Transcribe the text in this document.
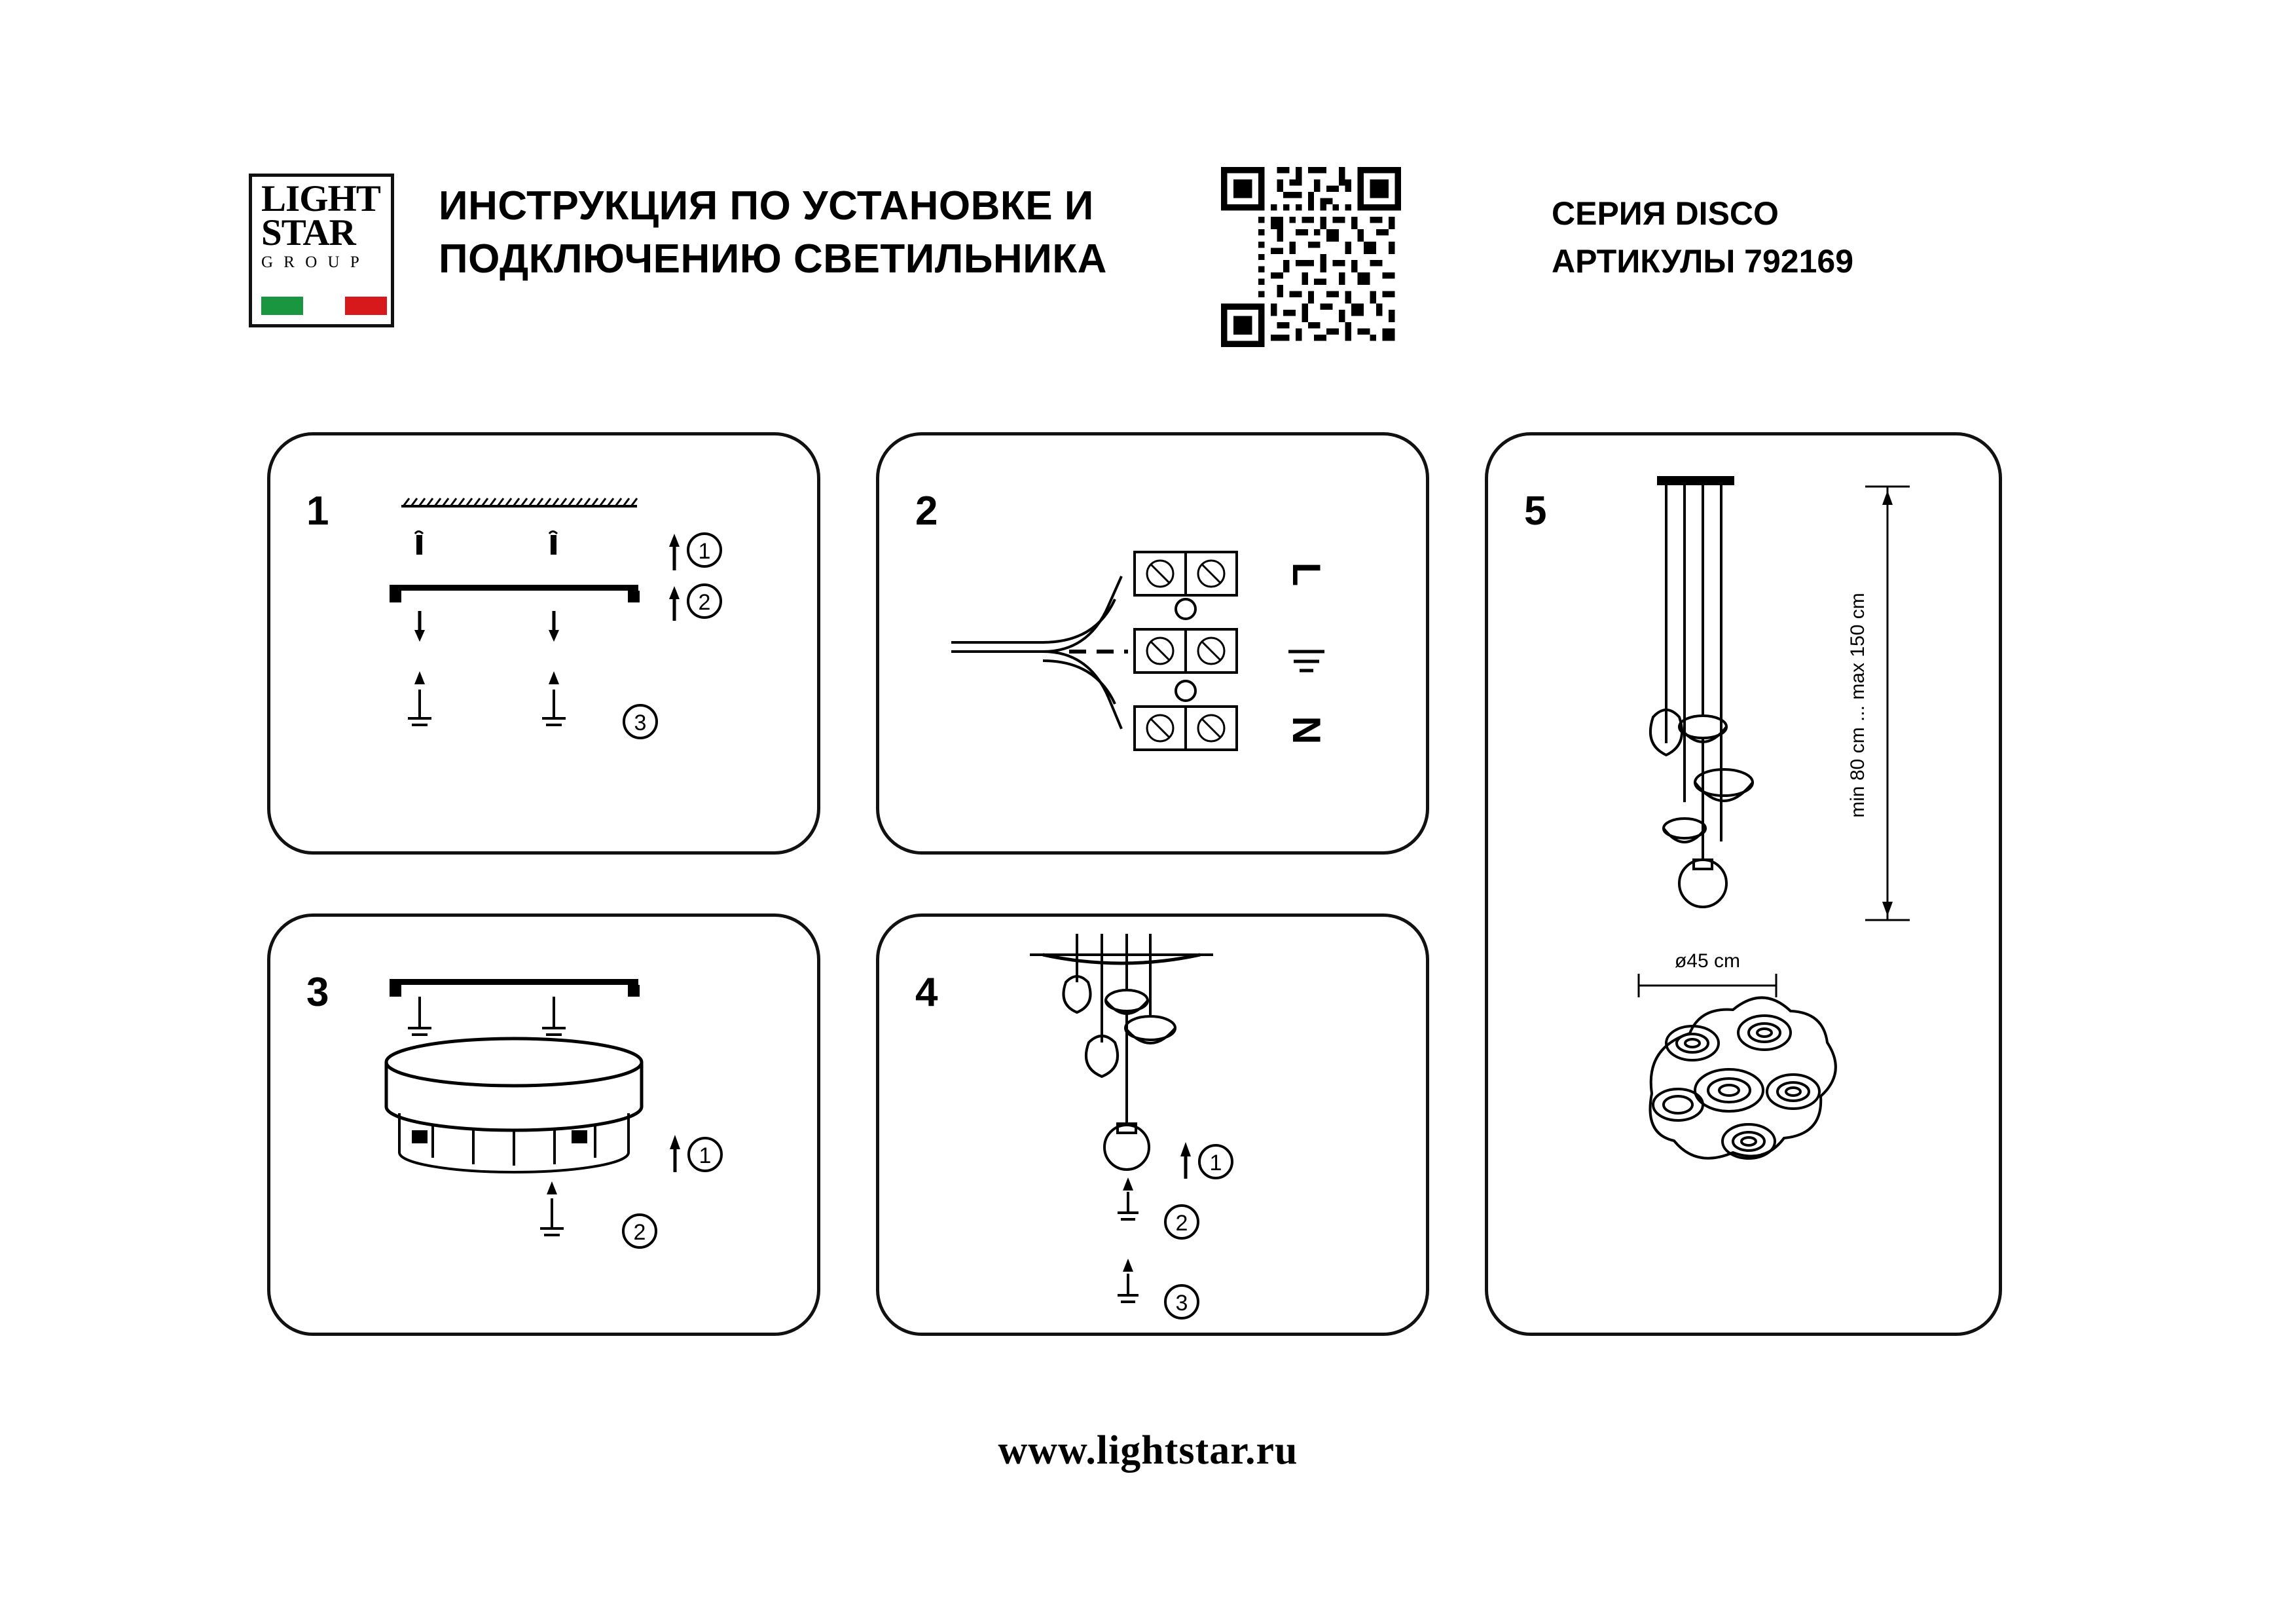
LIGHT
STAR
G R O U P
ИНСТРУКЦИЯ ПО УСТАНОВКЕ И
ПОДКЛЮЧЕНИЮ СВЕТИЛЬНИКА
СЕРИЯ DISCO
АРТИКУЛЫ 792169
1
1
2
3
2
L
N
3
1
2
4
1
2
3
5
min 80 cm ... max 150 cm
ø45 cm
www.lightstar.ru
